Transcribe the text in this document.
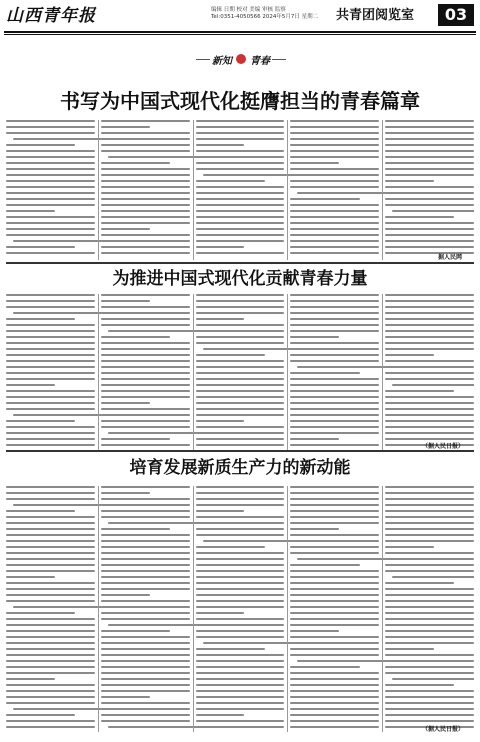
山西青年报	编辑 日期 校对 美编 审核 监察
Tel:0351-4050566 2024年5月7日 星期二 共青团阅览室	03
新知 青春
书写为中国式现代化挺膺担当的青春篇章
为推进中国式现代化贡献青春力量
培育发展新质生产力的新动能
据人民网
（据人民日报）
（据人民日报）
